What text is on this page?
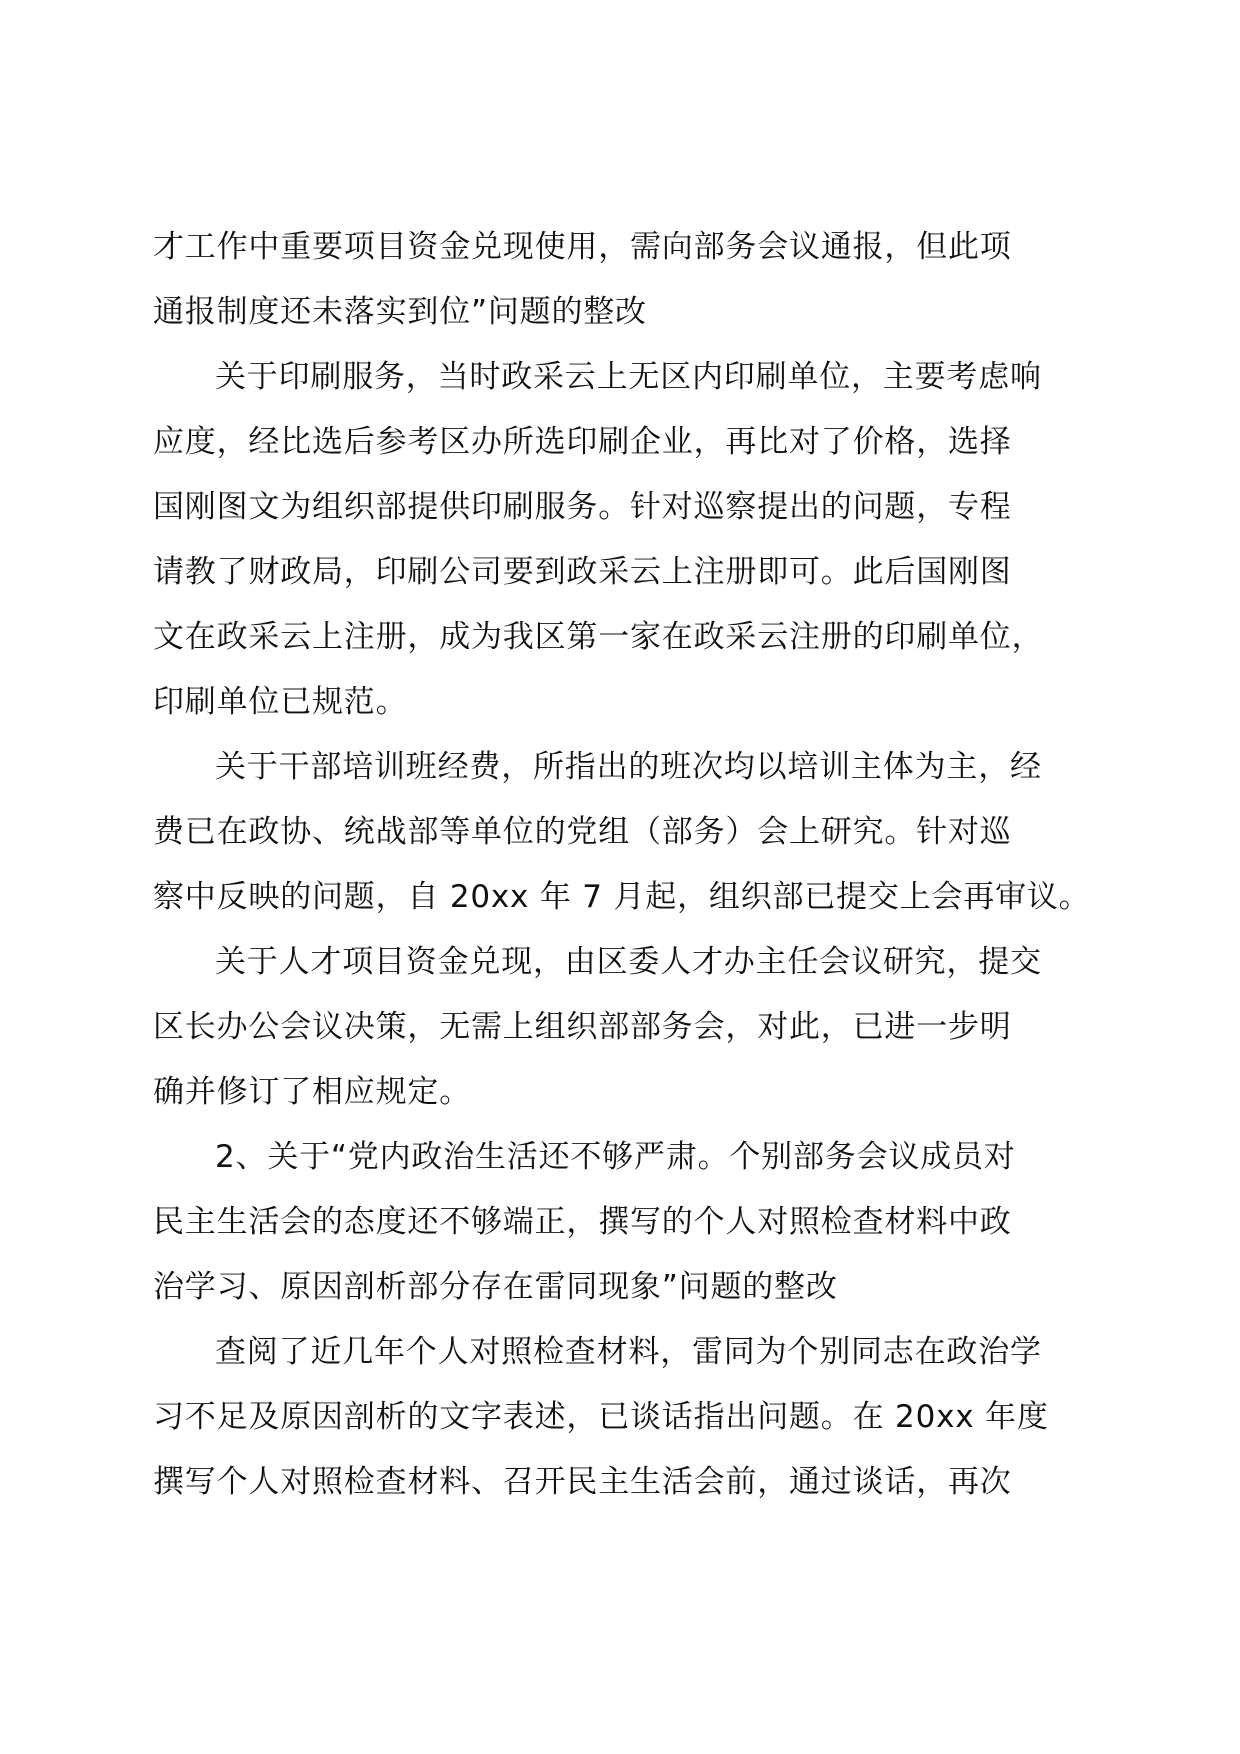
才工作中重要项目资金兑现使用，需向部务会议通报，但此项
通报制度还未落实到位”问题的整改
关于印刷服务，当时政采云上无区内印刷单位，主要考虑响
应度，经比选后参考区办所选印刷企业，再比对了价格，选择
国刚图文为组织部提供印刷服务。针对巡察提出的问题，专程
请教了财政局，印刷公司要到政采云上注册即可。此后国刚图
文在政采云上注册，成为我区第一家在政采云注册的印刷单位，
印刷单位已规范。
关于干部培训班经费，所指出的班次均以培训主体为主，经
费已在政协、统战部等单位的党组（部务）会上研究。针对巡
察中反映的问题，自 20xx 年 7 月起，组织部已提交上会再审议。
关于人才项目资金兑现，由区委人才办主任会议研究，提交
区长办公会议决策，无需上组织部部务会，对此，已进一步明
确并修订了相应规定。
2、关于“党内政治生活还不够严肃。个别部务会议成员对
民主生活会的态度还不够端正，撰写的个人对照检查材料中政
治学习、原因剖析部分存在雷同现象”问题的整改
查阅了近几年个人对照检查材料，雷同为个别同志在政治学
习不足及原因剖析的文字表述，已谈话指出问题。在 20xx 年度
撰写个人对照检查材料、召开民主生活会前，通过谈话，再次
